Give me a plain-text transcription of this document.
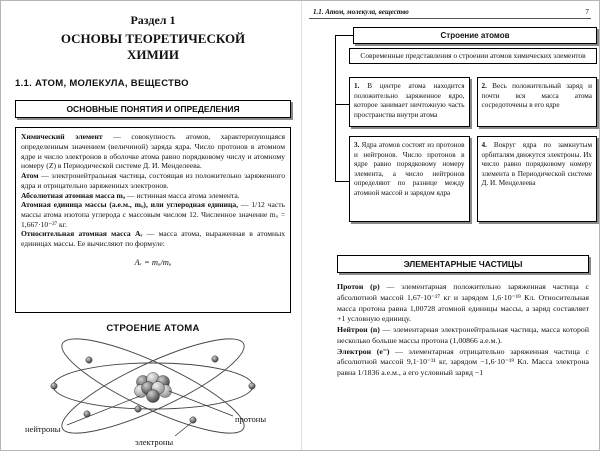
Раздел 1
ОСНОВЫ ТЕОРЕТИЧЕСКОЙ ХИМИИ
1.1. АТОМ, МОЛЕКУЛА, ВЕЩЕСТВО
ОСНОВНЫЕ ПОНЯТИЯ И ОПРЕДЕЛЕНИЯ

Химический элемент — совокупность атомов, характеризующаяся определенным значением (величиной) заряда ядра. Число протонов в атомном ядре и число электронов в оболочке атома равно порядковому числу и атомному номеру (Z) в Периодической системе Д. И. Менделеева.

Атом — электронейтральная частица, состоящая из положительно заряженного ядра и отрицательно заряженных электронов.

Абсолютная атомная масса mₐ — истинная масса атома элемента.

Атомная единица массы (а.е.м., mᵤ), или углеродная единица, — 1/12 часть массы атома изотопа углерода с массовым числом 12. Численное значение mᵤ = 1,667·10⁻²⁷ кг.

Относительная атомная масса Aᵣ — масса атома, выраженная в атомных единицах массы. Ее вычисляют по формуле:

Aᵣ = mₐ/mᵤ
СТРОЕНИЕ АТОМА
нейтроны
протоны
электроны
1.1. Атом, молекула, вещество	7
Строение атомов
Современные представления о строении атомов химических элементов
1. В центре атома находится положительно заряженное ядро, которое занимает ничтожную часть пространства внутри атома
2. Весь положительный заряд и почти вся масса атома сосредоточены в его ядре
3. Ядра атомов состоят из протонов и нейтронов. Число протонов в ядре равно порядковому номеру элемента, а число нейтронов определяют по разнице между атомной массой и зарядом ядра
4. Вокруг ядра по замкнутым орбиталям движутся электроны. Их число равно порядковому номеру элемента в Периодической системе Д. И. Менделеева
ЭЛЕМЕНТАРНЫЕ ЧАСТИЦЫ

Протон (p) — элементарная положительно заряженная частица с абсолютной массой 1,67·10⁻²⁷ кг и зарядом 1,6·10⁻¹⁹ Кл. Относительная масса протона равна 1,00728 атомной единицы массы, а заряд составляет +1 условную единицу.

Нейтрон (n) — элементарная электронейтральная частица, масса которой несколько больше массы протона (1,00866 а.е.м.).

Электрон (e⁻) — элементарная отрицательно заряженная частица с абсолютной массой 9,1·10⁻³¹ кг, зарядом −1,6·10⁻¹⁹ Кл. Масса электрона равна 1/1836 а.е.м., а его условный заряд −1
